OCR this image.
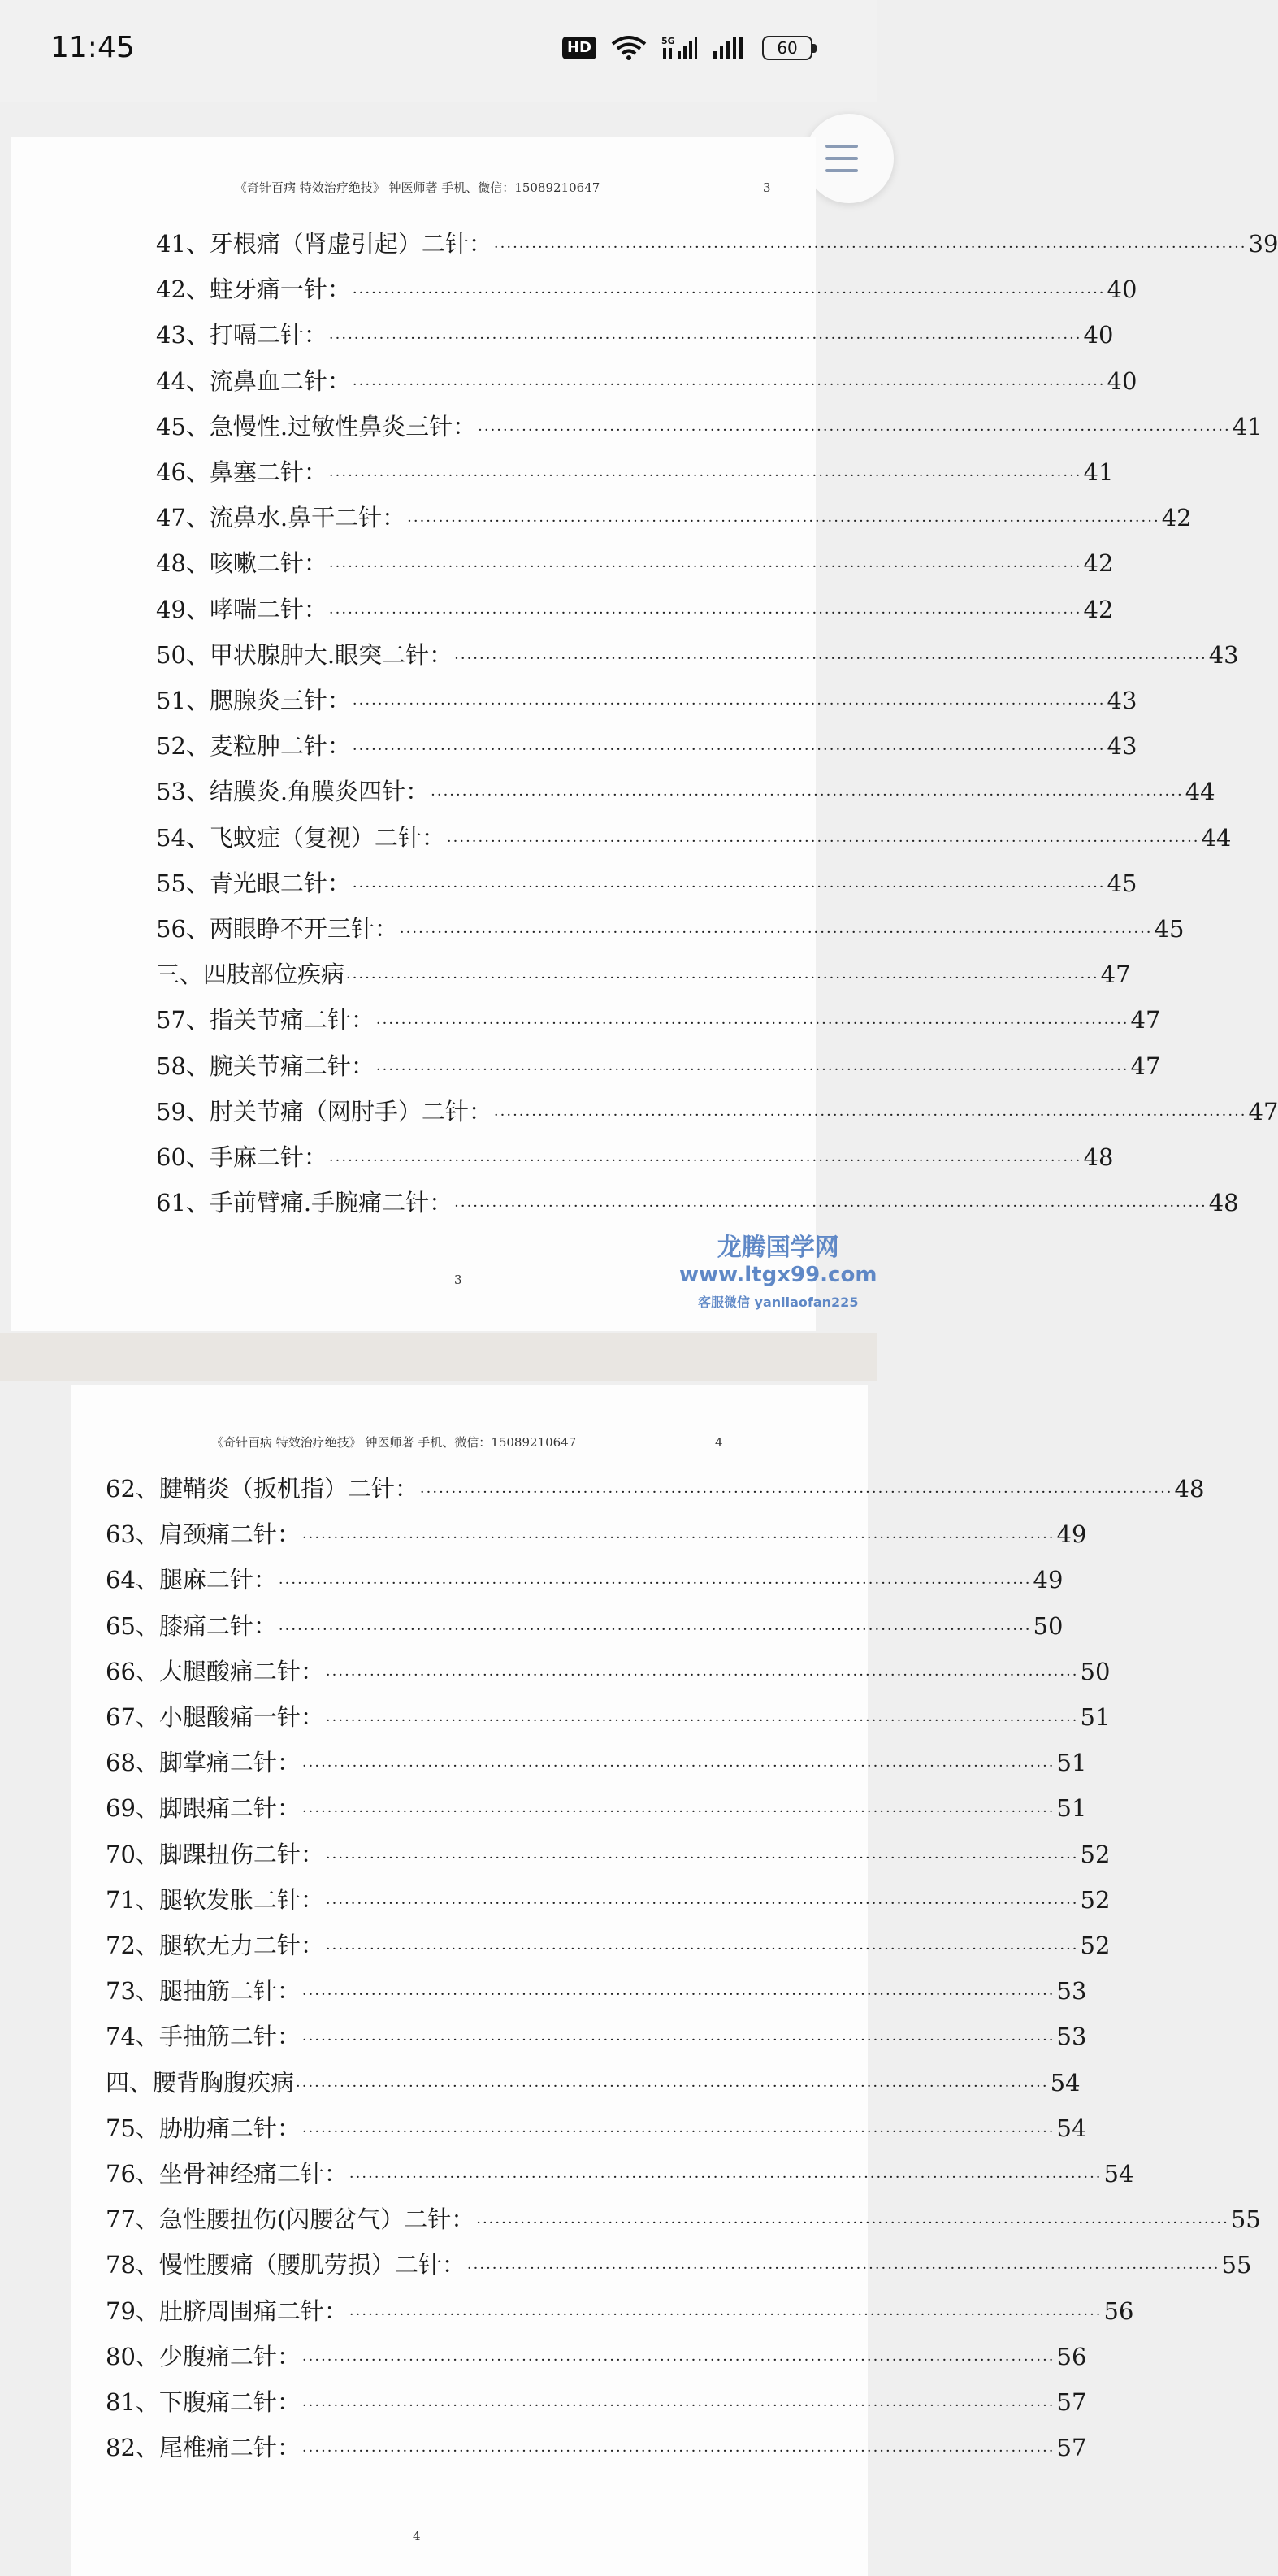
11:45	HD	5G	60
《奇针百病 特效治疗绝技》 钟医师著 手机、微信：15089210647	3
41、牙根痛（肾虚引起）二针： ························································································································ 39
42、蛀牙痛一针： ························································································································ 40
43、打嗝二针： ························································································································ 40
44、流鼻血二针： ························································································································ 40
45、急慢性.过敏性鼻炎三针： ························································································································ 41
46、鼻塞二针： ························································································································ 41
47、流鼻水.鼻干二针： ························································································································ 42
48、咳嗽二针： ························································································································ 42
49、哮喘二针： ························································································································ 42
50、甲状腺肿大.眼突二针： ························································································································ 43
51、腮腺炎三针： ························································································································ 43
52、麦粒肿二针： ························································································································ 43
53、结膜炎.角膜炎四针： ························································································································ 44
54、飞蚊症（复视）二针： ························································································································ 44
55、青光眼二针： ························································································································ 45
56、两眼睁不开三针： ························································································································ 45
三、四肢部位疾病 ························································································································ 47
57、指关节痛二针： ························································································································ 47
58、腕关节痛二针： ························································································································ 47
59、肘关节痛（网肘手）二针： ························································································································ 47
60、手麻二针： ························································································································ 48
61、手前臂痛.手腕痛二针： ························································································································ 48
3
《奇针百病 特效治疗绝技》 钟医师著 手机、微信：15089210647	4
62、腱鞘炎（扳机指）二针： ························································································································ 48
63、肩颈痛二针： ························································································································ 49
64、腿麻二针： ························································································································ 49
65、膝痛二针： ························································································································ 50
66、大腿酸痛二针： ························································································································ 50
67、小腿酸痛一针： ························································································································ 51
68、脚掌痛二针： ························································································································ 51
69、脚跟痛二针： ························································································································ 51
70、脚踝扭伤二针： ························································································································ 52
71、腿软发胀二针： ························································································································ 52
72、腿软无力二针： ························································································································ 52
73、腿抽筋二针： ························································································································ 53
74、手抽筋二针： ························································································································ 53
四、腰背胸腹疾病 ························································································································ 54
75、胁肋痛二针： ························································································································ 54
76、坐骨神经痛二针： ························································································································ 54
77、急性腰扭伤(闪腰岔气）二针： ························································································································ 55
78、慢性腰痛（腰肌劳损）二针： ························································································································ 55
79、肚脐周围痛二针： ························································································································ 56
80、少腹痛二针： ························································································································ 56
81、下腹痛二针： ························································································································ 57
82、尾椎痛二针： ························································································································ 57
4
龙腾国学网
www.ltgx99.com
客服微信 yanliaofan225
